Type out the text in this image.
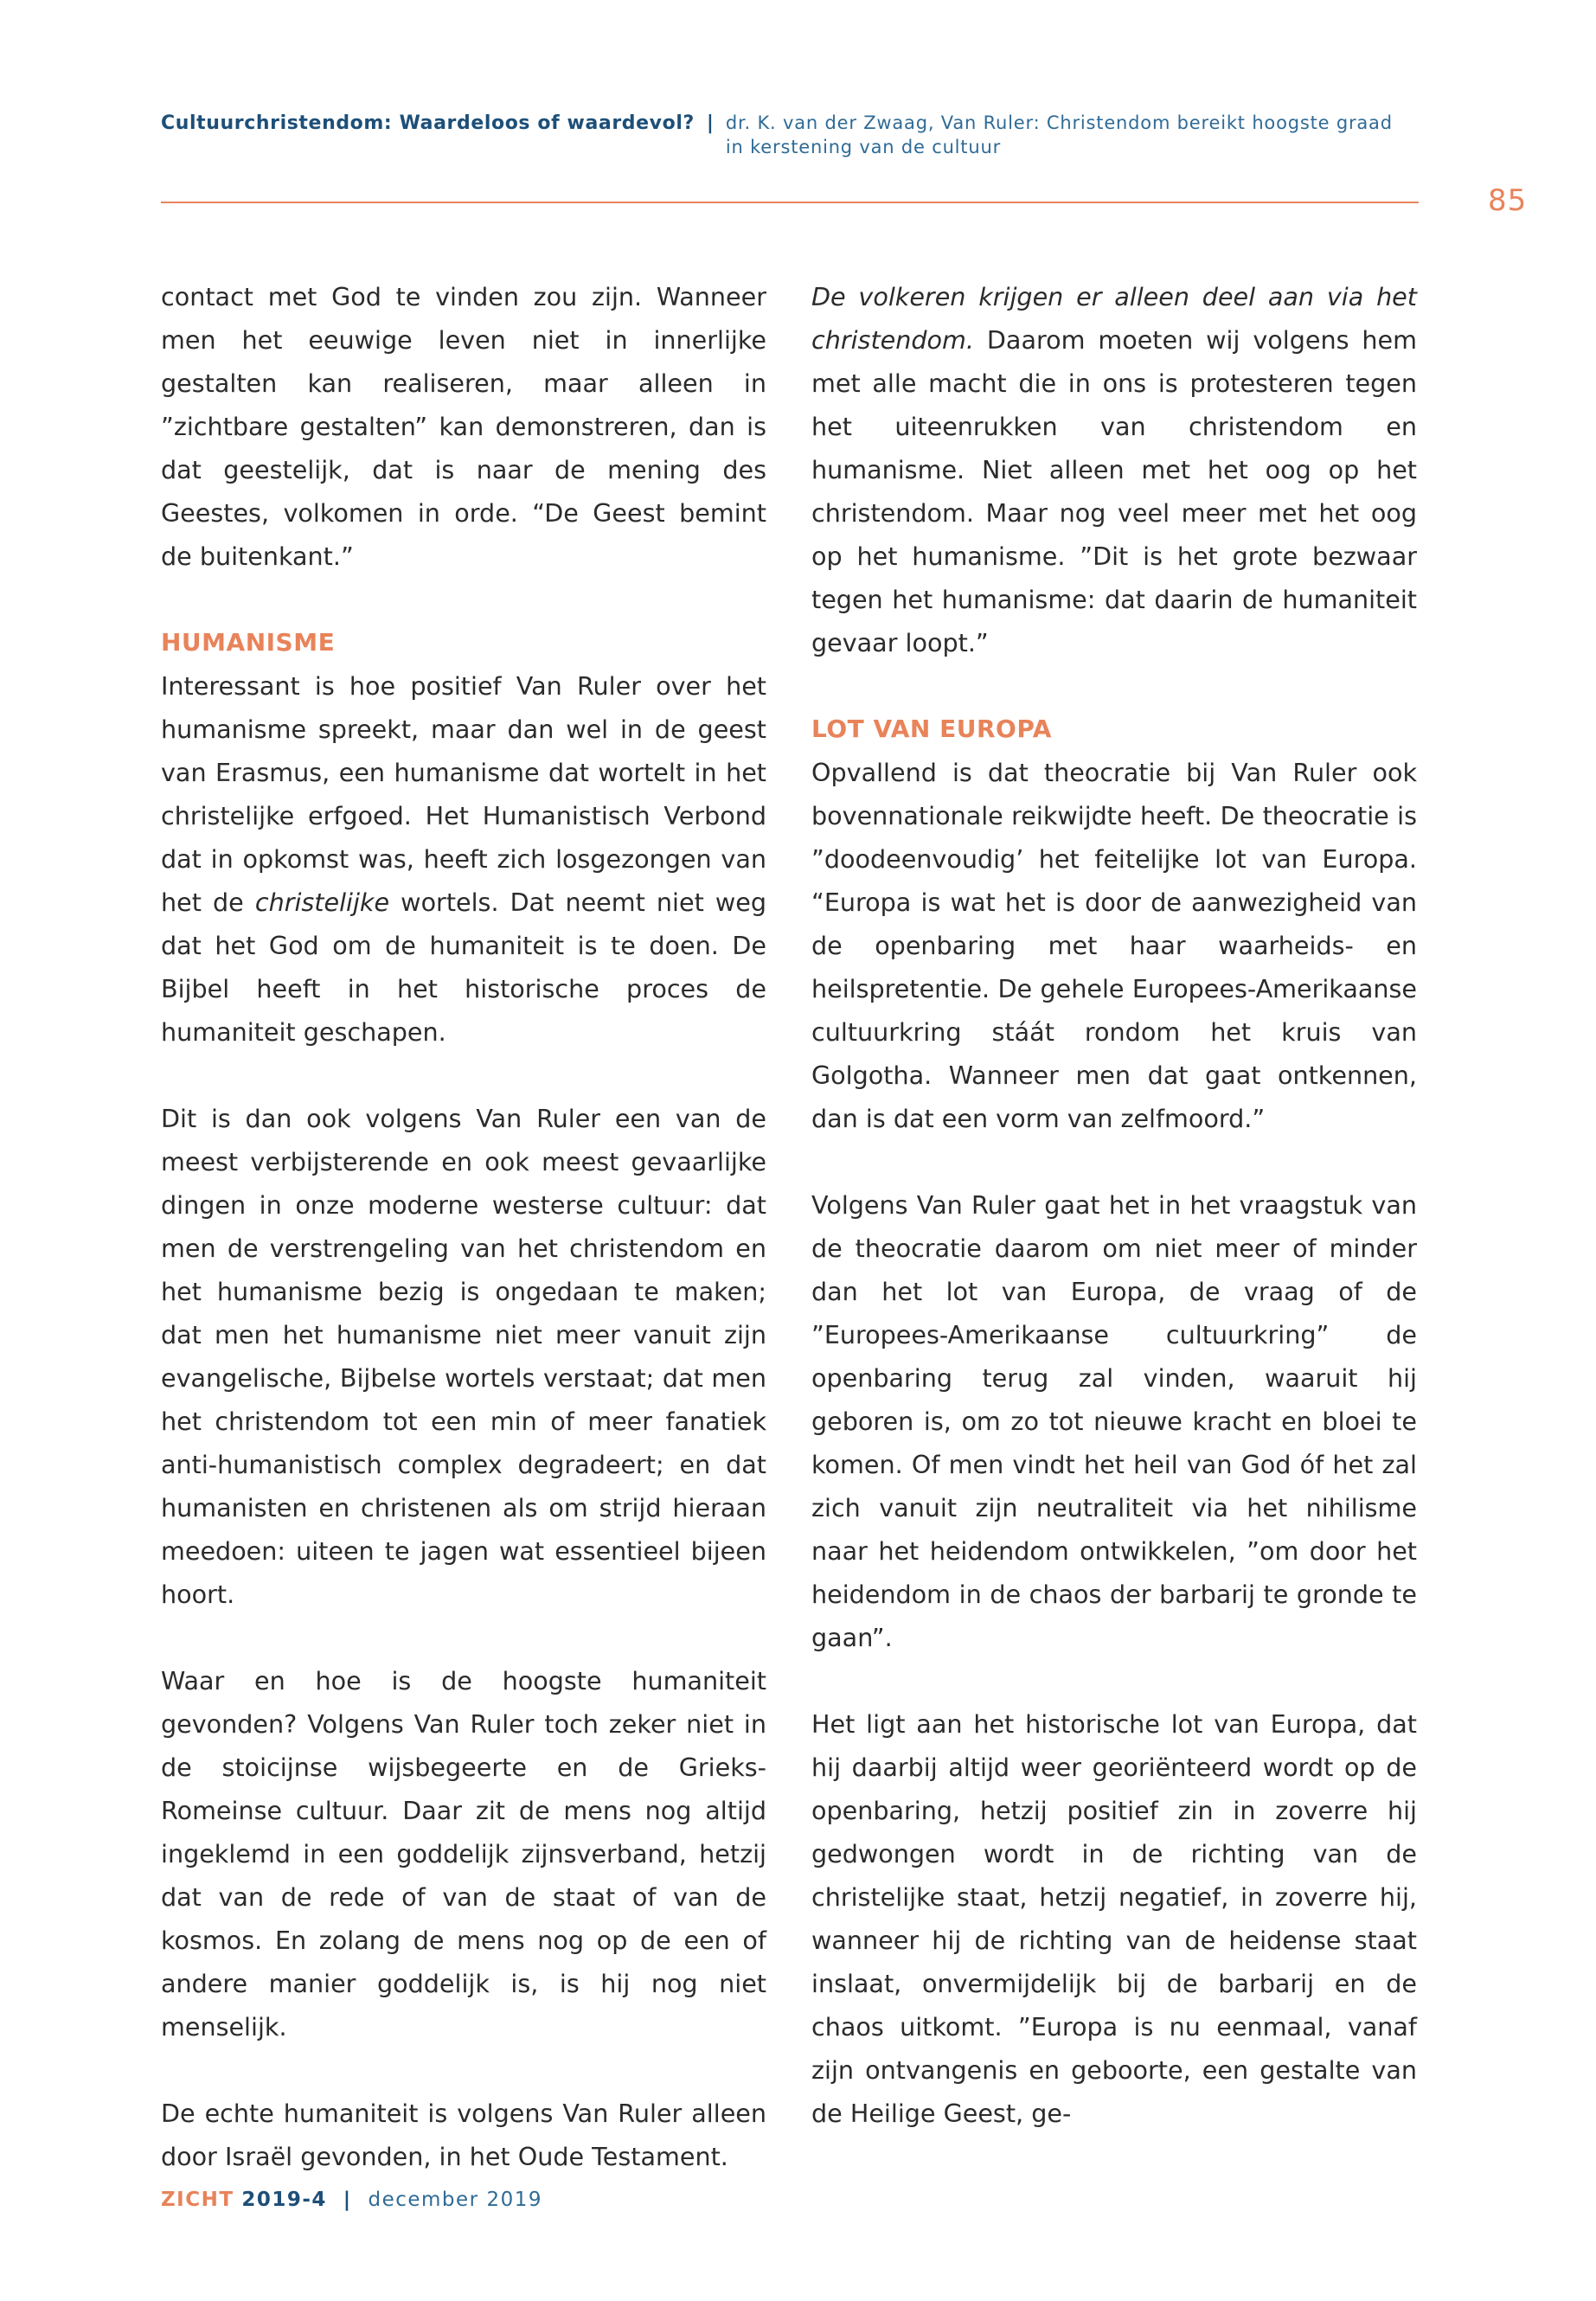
Cultuurchristendom: Waardeloos of waardevol? | dr. K. van der Zwaag, Van Ruler: Christendom bereikt hoogste graad
in kerstening van de cultuur
85

contact met God te vinden zou zijn. Wanneer men het eeuwige leven niet in innerlijke gestalten kan realiseren, maar alleen in ”zichtbare gestalten” kan demonstreren, dan is dat geestelijk, dat is naar de mening des Geestes, volkomen in orde. “De Geest bemint de buitenkant.”

HUMANISME

Interessant is hoe positief Van Ruler over het humanisme spreekt, maar dan wel in de geest van Erasmus, een humanisme dat wortelt in het christelijke erfgoed. Het Humanistisch Verbond dat in opkomst was, heeft zich losgezongen van het de christelijke wortels. Dat neemt niet weg dat het God om de humaniteit is te doen. De Bijbel heeft in het historische proces de humaniteit geschapen.

Dit is dan ook volgens Van Ruler een van de meest verbijsterende en ook meest gevaarlijke dingen in onze moderne westerse cultuur: dat men de verstrengeling van het christendom en het humanisme bezig is ongedaan te maken; dat men het humanisme niet meer vanuit zijn evangelische, Bijbelse wortels verstaat; dat men het christendom tot een min of meer fanatiek anti-humanistisch complex degradeert; en dat humanisten en christenen als om strijd hieraan meedoen: uiteen te jagen wat essentieel bijeen hoort.

Waar en hoe is de hoogste humaniteit gevonden? Volgens Van Ruler toch zeker niet in de stoicijnse wijsbegeerte en de Grieks-Romeinse cultuur. Daar zit de mens nog altijd ingeklemd in een goddelijk zijnsverband, hetzij dat van de rede of van de staat of van de kosmos. En zolang de mens nog op de een of andere manier goddelijk is, is hij nog niet menselijk.

De echte humaniteit is volgens Van Ruler alleen door Israël gevonden, in het Oude Testament.

De volkeren krijgen er alleen deel aan via het christendom. Daarom moeten wij volgens hem met alle macht die in ons is protesteren tegen het uiteenrukken van christendom en humanisme. Niet alleen met het oog op het christendom. Maar nog veel meer met het oog op het humanisme. ”Dit is het grote bezwaar tegen het humanisme: dat daarin de humaniteit gevaar loopt.”

LOT VAN EUROPA

Opvallend is dat theocratie bij Van Ruler ook bovennationale reikwijdte heeft. De theocratie is ”doodeenvoudig’ het feitelijke lot van Europa. “Europa is wat het is door de aanwezigheid van de openbaring met haar waarheids- en heilspretentie. De gehele Europees-Amerikaanse cultuurkring stáát rondom het kruis van Golgotha. Wanneer men dat gaat ontkennen, dan is dat een vorm van zelfmoord.”

Volgens Van Ruler gaat het in het vraagstuk van de theocratie daarom om niet meer of minder dan het lot van Europa, de vraag of de ”Europees-Amerikaanse cultuurkring” de openbaring terug zal vinden, waaruit hij geboren is, om zo tot nieuwe kracht en bloei te komen. Of men vindt het heil van God óf het zal zich vanuit zijn neutraliteit via het nihilisme naar het heidendom ontwikkelen, ”om door het heidendom in de chaos der barbarij te gronde te gaan”.

Het ligt aan het historische lot van Europa, dat hij daarbij altijd weer georiënteerd wordt op de openbaring, hetzij positief zin in zoverre hij gedwongen wordt in de richting van de christelijke staat, hetzij negatief, in zoverre hij, wanneer hij de richting van de heidense staat inslaat, onvermijdelijk bij de barbarij en de chaos uitkomt. ”Europa is nu eenmaal, vanaf zijn ontvangenis en geboorte, een gestalte van de Heilige Geest, ge-

ZICHT 2019-4 | december 2019
